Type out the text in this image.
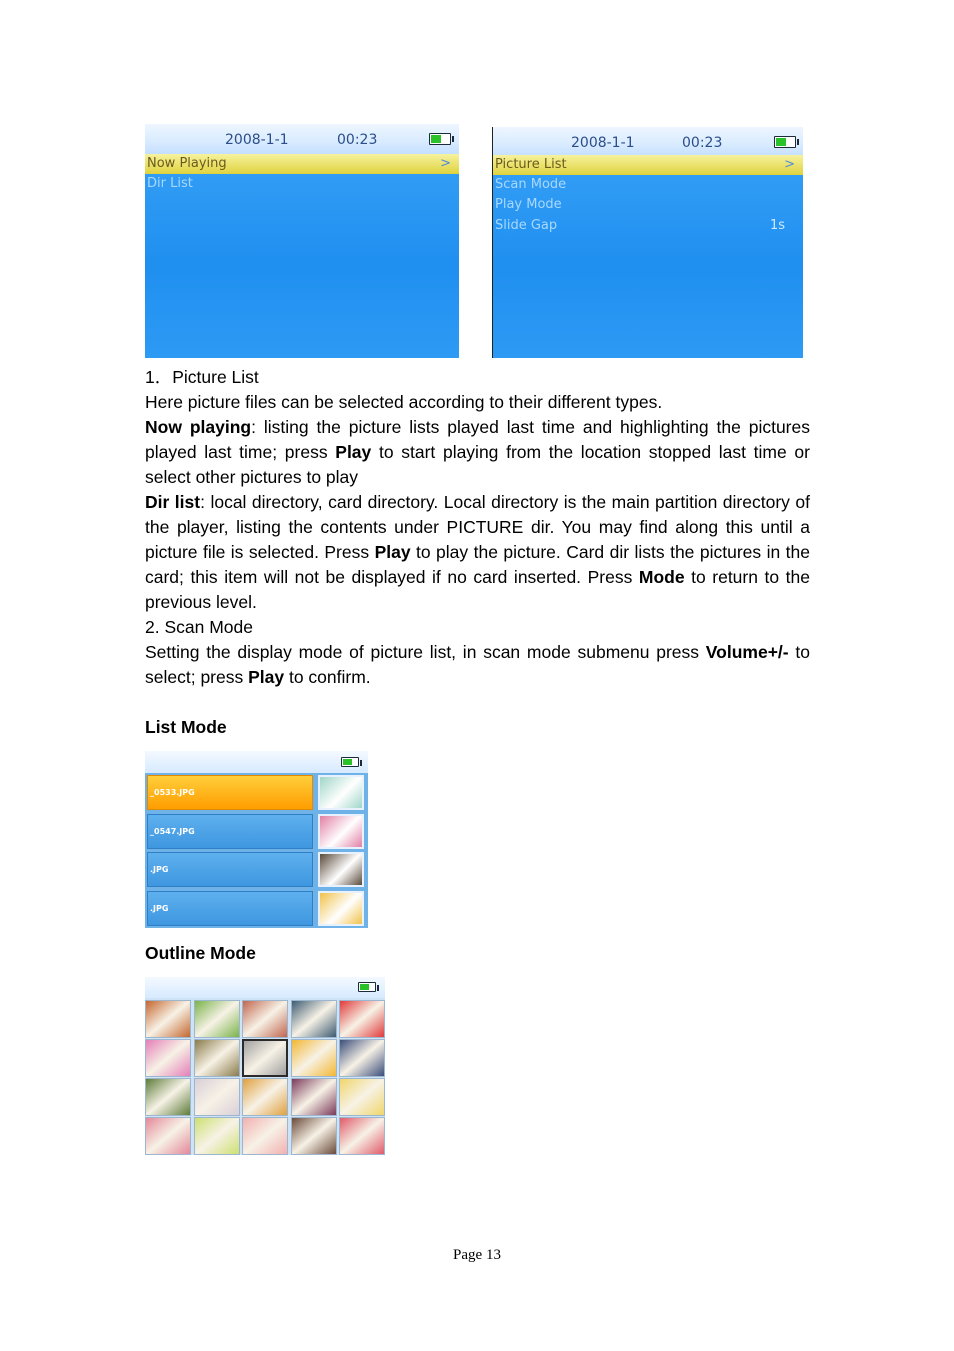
2008-1-1	00:23
Now Playing	>
Dir List
2008-1-1	00:23
Picture List	>
Scan Mode
Play Mode
Slide Gap	1s

1．Picture List

Here picture files can be selected according to their different types.

Now playing: listing the picture lists played last time and highlighting the pictures played last time; press Play to start playing from the location stopped last time or select other pictures to play

Dir list: local directory, card directory. Local directory is the main partition directory of the player, listing the contents under PICTURE dir. You may find along this until a picture file is selected. Press Play to play the picture. Card dir lists the pictures in the card; this item will not be displayed if no card inserted. Press Mode to return to the previous level.

2. Scan Mode

Setting the display mode of picture list, in scan mode submenu press Volume+/- to select; press Play to confirm.

List Mode
_0533.JPG
_0547.JPG
.JPG
.JPG
Outline Mode
Page 13
